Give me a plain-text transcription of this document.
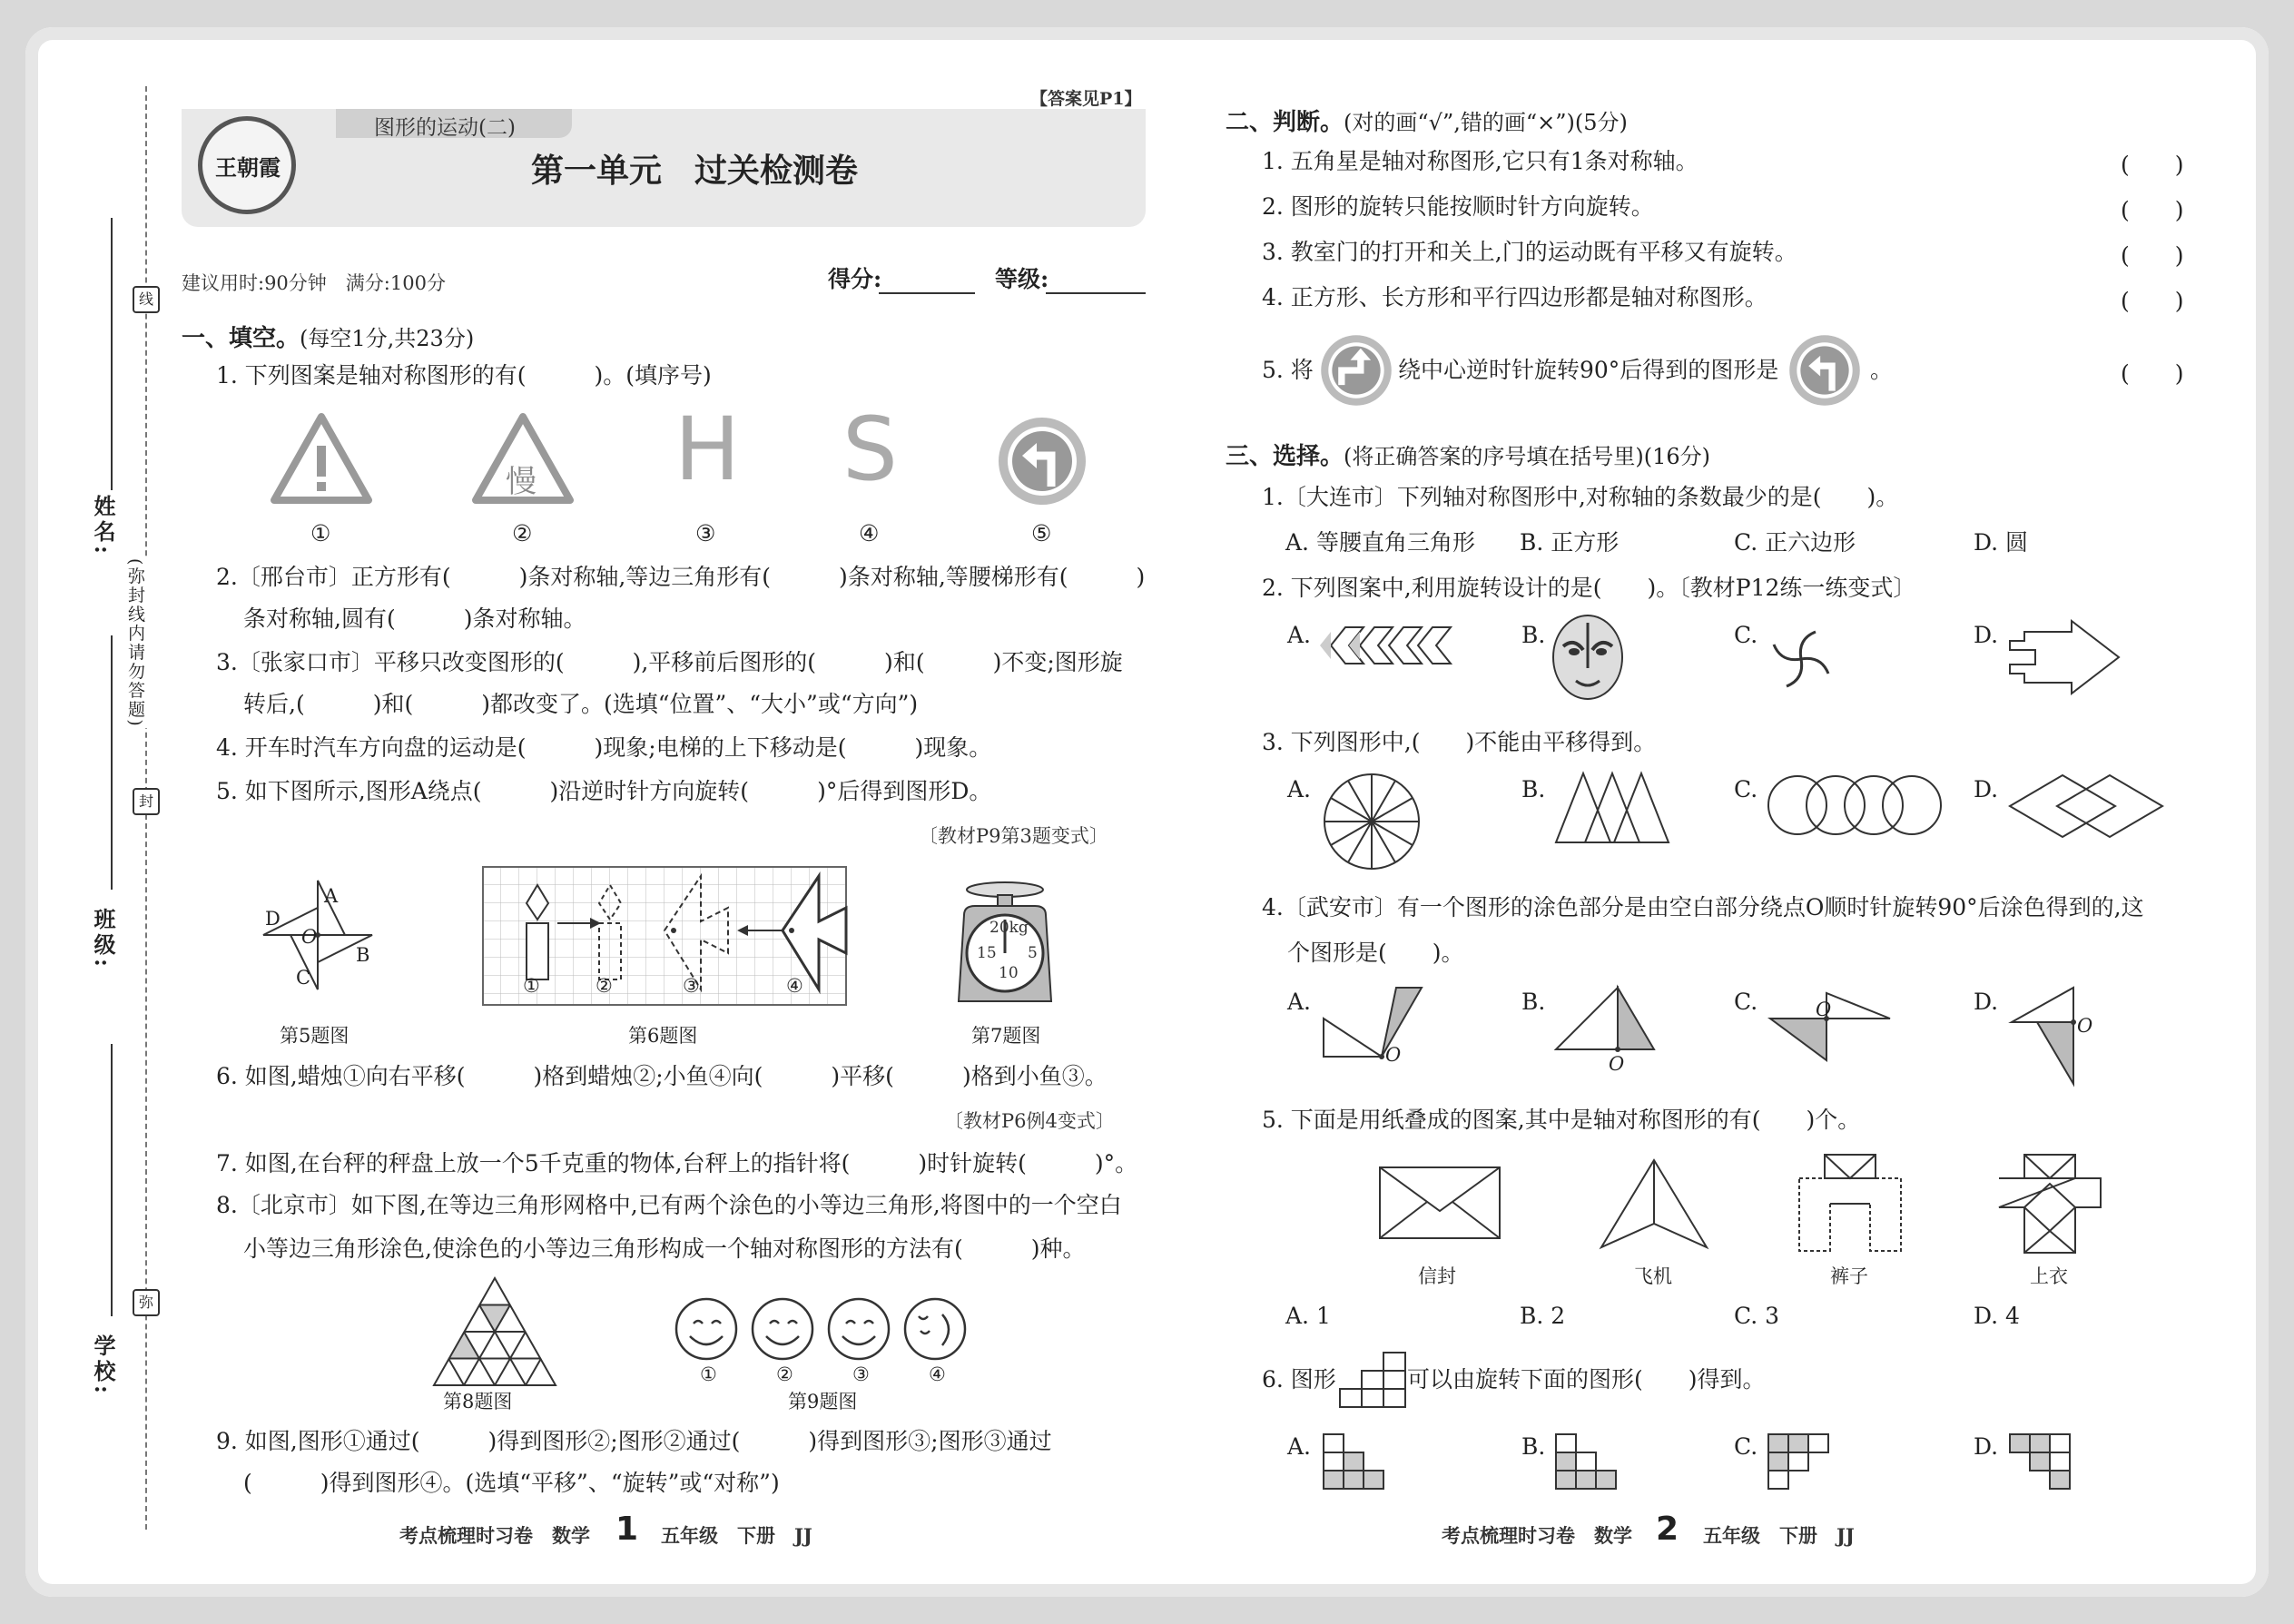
姓名:
班级:
学校:
(弥封线内请勿答题)
线
封
弥
图形的运动(二)
【答案见P1】
第一单元　过关检测卷
王朝霞
建议用时:90分钟　满分:100分	得分:	等级:
一、填空。(每空1分,共23分)
1. 下列图案是轴对称图形的有(　　　)。(填序号)
慢 H S
①	②	③	④	⑤
2.〔邢台市〕正方形有(　　　)条对称轴,等边三角形有(　　　)条对称轴,等腰梯形有(　　　)
条对称轴,圆有(　　　)条对称轴。
3.〔张家口市〕平移只改变图形的(　　　),平移前后图形的(　　　)和(　　　)不变;图形旋
转后,(　　　)和(　　　)都改变了。(选填“位置”、“大小”或“方向”)
4. 开车时汽车方向盘的运动是(　　　)现象;电梯的上下移动是(　　　)现象。
5. 如下图所示,图形A绕点(　　　)沿逆时针方向旋转(　　　)°后得到图形D。
〔教材P9第3题变式〕
A
D
O
B
C
第5题图
①	②	③	④
第6题图
20kg
15 5
10
第7题图
6. 如图,蜡烛①向右平移(　　　)格到蜡烛②;小鱼④向(　　　)平移(　　　)格到小鱼③。
〔教材P6例4变式〕
7. 如图,在台秤的秤盘上放一个5千克重的物体,台秤上的指针将(　　　)时针旋转(　　　)°。
8.〔北京市〕如下图,在等边三角形网格中,已有两个涂色的小等边三角形,将图中的一个空白
小等边三角形涂色,使涂色的小等边三角形构成一个轴对称图形的方法有(　　　)种。
第8题图
①	②	③	④
第9题图
9. 如图,图形①通过(　　　)得到图形②;图形②通过(　　　)得到图形③;图形③通过
(　　　)得到图形④。(选填“平移”、“旋转”或“对称”)
考点梳理时习卷　数学 1 五年级　下册　JJ
二、判断。(对的画“√”,错的画“×”)(5分)
1. 五角星是轴对称图形,它只有1条对称轴。	(　　)
2. 图形的旋转只能按顺时针方向旋转。	(　　)
3. 教室门的打开和关上,门的运动既有平移又有旋转。	(　　)
4. 正方形、长方形和平行四边形都是轴对称图形。	(　　)
5. 将	绕中心逆时针旋转90°后得到的图形是	。	(　　)
三、选择。(将正确答案的序号填在括号里)(16分)
1.〔大连市〕下列轴对称图形中,对称轴的条数最少的是(　　)。
A. 等腰直角三角形 B. 正方形	C. 正六边形	D. 圆
2. 下列图案中,利用旋转设计的是(　　)。〔教材P12练一练变式〕
A.	B.	C.	D.
3. 下列图形中,(　　)不能由平移得到。
A.	B.	C.	D.
4.〔武安市〕有一个图形的涂色部分是由空白部分绕点O顺时针旋转90°后涂色得到的,这
个图形是(　　)。
A.
O
B.
O
C.	O	D.
O
5. 下面是用纸叠成的图案,其中是轴对称图形的有(　　)个。
信封	飞机	裤子	上衣
A. 1	B. 2	C. 3	D. 4
6. 图形	可以由旋转下面的图形(　　)得到。
A.	B.	C.	D.
考点梳理时习卷　数学 2 五年级　下册　JJ
